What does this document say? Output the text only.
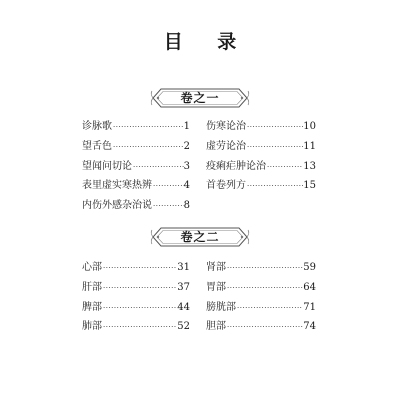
目 录
卷之一
诊脉歌 ·····	1
望舌色 ·····	2
望闻问切论 ·····	3
表里虚实寒热辨 ·····	4
内伤外感杂治说 ·····	8
伤寒论治 ·····	10
虚劳论治 ·····	11
疫痢疟肿论治 ·····	13
首卷列方 ·····	15
卷之二
心部 ·····	31
肝部 ·····	37
脾部 ·····	44
肺部 ·····	52
肾部 ·····	59
胃部 ·····	64
膀胱部 ·····	71
胆部 ·····	74
